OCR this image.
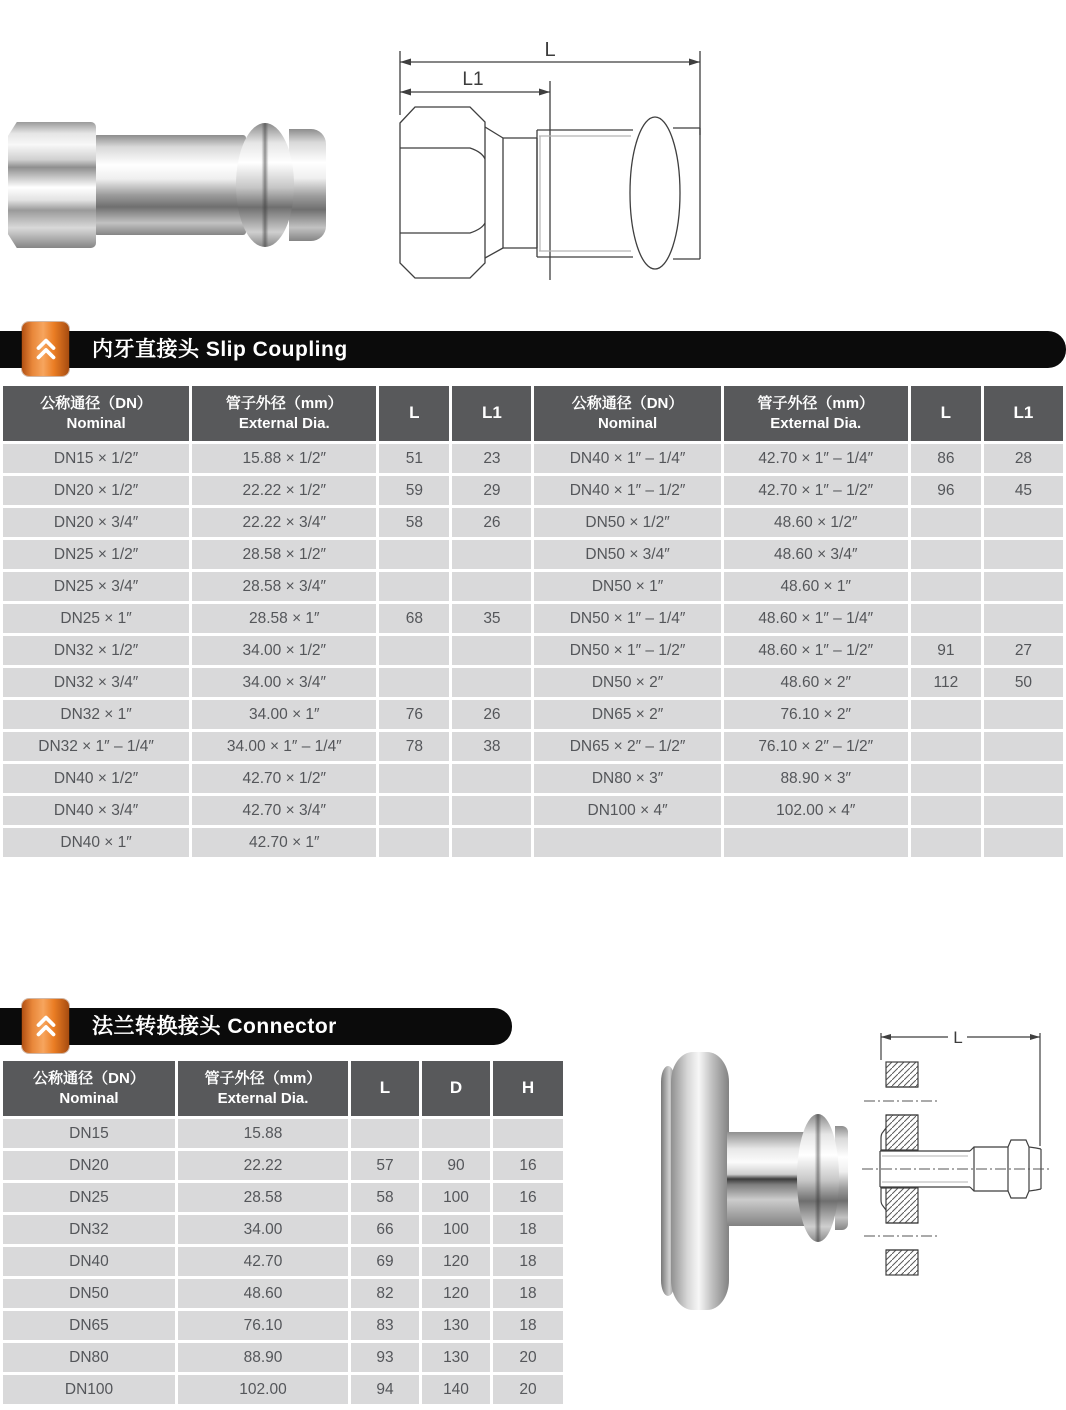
L
L1
内牙直接头 Slip Coupling
公称通径（DN）
Nominal

管子外径（mm）
External Dia.
	L	L1	公称通径（DN）
Nominal

管子外径（mm）
External Dia.
	L	L1
DN15 × 1/2″	15.88 × 1/2″	51	23	DN40 × 1″ – 1/4″	42.70 × 1″ – 1/4″	86	28
DN20 × 1/2″	22.22 × 1/2″	59	29	DN40 × 1″ – 1/2″	42.70 × 1″ – 1/2″	96	45
DN20 × 3/4″	22.22 × 3/4″	58	26	DN50 × 1/2″	48.60 × 1/2″		
DN25 × 1/2″	28.58 × 1/2″			DN50 × 3/4″	48.60 × 3/4″		
DN25 × 3/4″	28.58 × 3/4″			DN50 × 1″	48.60 × 1″		
DN25 × 1″	28.58 × 1″	68	35	DN50 × 1″ – 1/4″	48.60 × 1″ – 1/4″		
DN32 × 1/2″	34.00 × 1/2″			DN50 × 1″ – 1/2″	48.60 × 1″ – 1/2″	91	27
DN32 × 3/4″	34.00 × 3/4″			DN50 × 2″	48.60 × 2″	112	50
DN32 × 1″	34.00 × 1″	76	26	DN65 × 2″	76.10 × 2″		
DN32 × 1″ – 1/4″	34.00 × 1″ – 1/4″	78	38	DN65 × 2″ – 1/2″	76.10 × 2″ – 1/2″		
DN40 × 1/2″	42.70 × 1/2″			DN80 × 3″	88.90 × 3″		
DN40 × 3/4″	42.70 × 3/4″			DN100 × 4″	102.00 × 4″		
DN40 × 1″	42.70 × 1″						
法兰转换接头 Connector
公称通径（DN）
Nominal

管子外径（mm）
External Dia.
	L	D	H
DN15	15.88			
DN20	22.22	57	90	16
DN25	28.58	58	100	16
DN32	34.00	66	100	18
DN40	42.70	69	120	18
DN50	48.60	82	120	18
DN65	76.10	83	130	18
DN80	88.90	93	130	20
DN100	102.00	94	140	20
L
